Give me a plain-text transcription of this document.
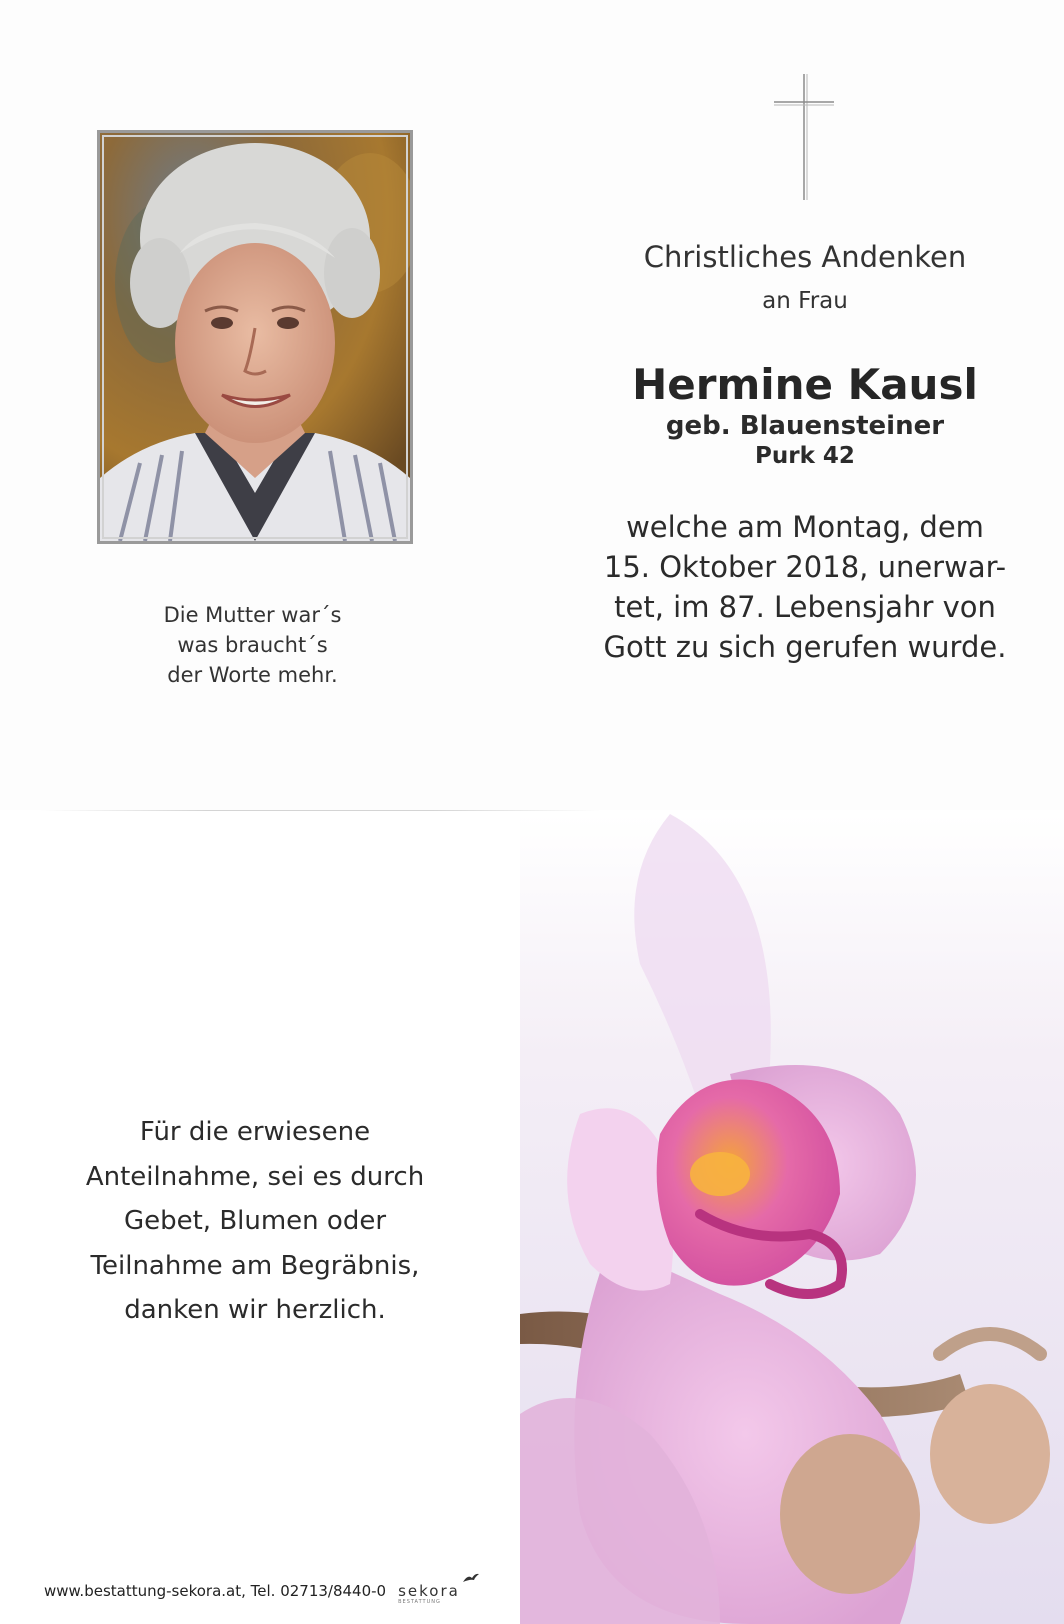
Die Mutter war´s
was braucht´s
der Worte mehr.
Christliches Andenken
an Frau
Hermine Kausl
geb. Blauensteiner
Purk 42
welche am Montag, dem
15. Oktober 2018, unerwar-
tet, im 87. Lebensjahr von
Gott zu sich gerufen wurde.
Für die erwiesene
Anteilnahme, sei es durch
Gebet, Blumen oder
Teilnahme am Begräbnis,
danken wir herzlich.
www.bestattung-sekora.at, Tel. 02713/8440-0 sekora
BESTATTUNG
